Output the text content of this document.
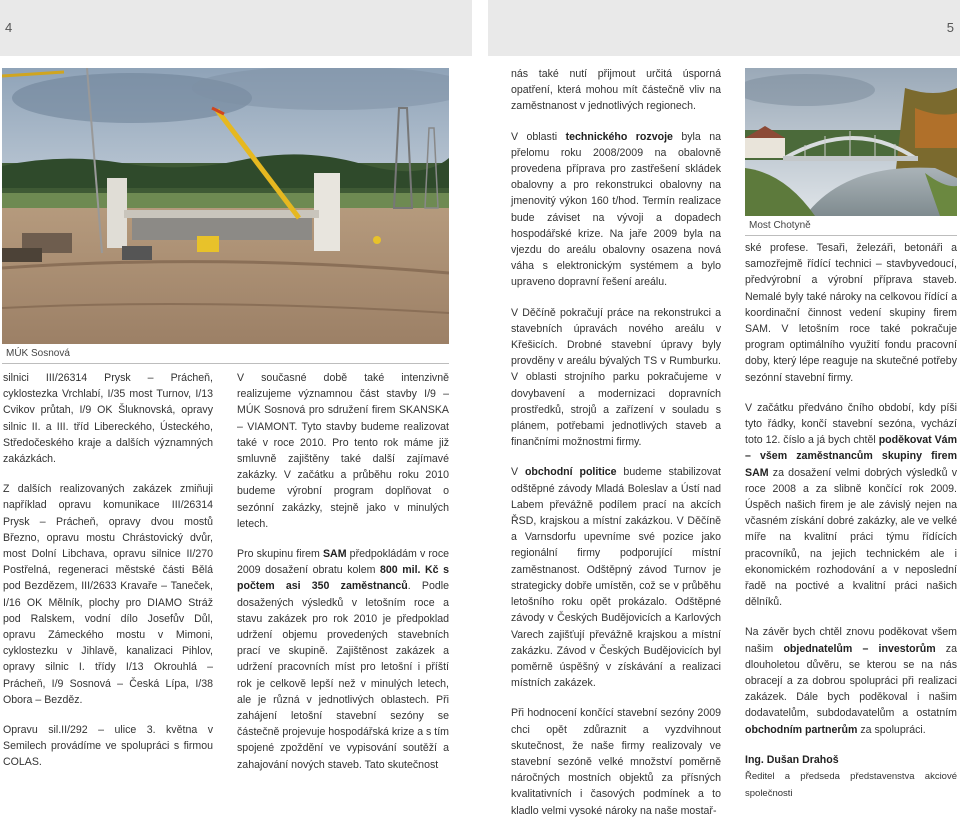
4	5
MÚK Sosnová
Most Chotyně

silnici III/26314 Prysk – Prácheň, cyklostezka Vrchlabí, I/35 most Turnov, I/13 Cvikov průtah, I/9 OK Šluknovská, opravy silnic II. a III. tříd Libereckého, Ústeckého, Středočeského kraje a dalších významných zakázkách.

Z dalších realizovaných zakázek zmiňuji například opravu komunikace III/26314 Prysk – Prácheň, opravy dvou mostů Březno, opravu mostu Chrástovický dvůr, most Dolní Libchava, opravu silnice II/270 Postřelná, regeneraci městské části Bělá pod Bezdězem, III/2633 Kravaře – Taneček, I/16 OK Mělník, plochy pro DIAMO Stráž pod Ralskem, vodní dílo Josefův Důl, opravu Zámeckého mostu v Mimoni, cyklostezku v Jihlavě, kanalizaci Pihlov, opravy silnic I. třídy I/13 Okrouhlá – Prácheň, I/9 Sosnová – Česká Lípa, I/38 Obora – Bezděz.

Opravu sil.II/292 – ulice 3. května v Semilech provádíme ve spolupráci s firmou COLAS.

V současné době také intenzivně realizujeme významnou část stavby I/9 – MÚK Sosnová pro sdružení firem SKANSKA – VIAMONT. Tyto stavby budeme realizovat také v roce 2010. Pro tento rok máme již smluvně zajištěny také další zajímavé zakázky. V začátku a průběhu roku 2010 budeme výrobní program doplňovat o sezónní zakázky, stejně jako v minulých letech.

Pro skupinu firem SAM předpokládám v roce 2009 dosažení obratu kolem 800 mil. Kč s počtem asi 350 zaměstnanců. Podle dosažených výsledků v letošním roce a stavu zakázek pro rok 2010 je předpoklad udržení objemu provedených stavebních prací ve skupině. Zajištěnost zakázek a udržení pracovních míst pro letošní i příští rok je celkově lepší než v minulých letech, ale je různá v jednotlivých oblastech. Při zahájení letošní stavební sezóny se částečně projevuje hospodářská krize a s tím spojené zpoždění ve vypisování soutěží a zahajování nových staveb. Tato skutečnost

nás také nutí přijmout určitá úsporná opatření, která mohou mít částečně vliv na zaměstnanost v jednotlivých regionech.

V oblasti technického rozvoje byla na přelomu roku 2008/2009 na obalovně provedena příprava pro zastřešení skládek obalovny a pro rekonstrukci obalovny na jmenovitý výkon 160 t/hod. Termín realizace bude záviset na vývoji a dopadech hospodářské krize. Na jaře 2009 byla na vjezdu do areálu obalovny osazena nová váha s elektronickým systémem a bylo upraveno dopravní řešení areálu.

V Děčíně pokračují práce na rekonstrukci a stavebních úpravách nového areálu v Křešicích. Drobné stavební úpravy byly provděny v areálu bývalých TS v Rumburku. V oblasti strojního parku pokračujeme v dovybavení a modernizaci dopravních prostředků, strojů a zařízení v souladu s plánem, potřebami jednotlivých staveb a finančními možnostmi firmy.

V obchodní politice budeme stabilizovat odštěpné závody Mladá Boleslav a Ústí nad Labem převážně podílem prací na akcích ŘSD, krajskou a místní zakázkou. V Děčíně a Varnsdorfu upevníme své pozice jako regionální firmy podporující místní zaměstnanost. Odštěpný závod Turnov je strategicky dobře umístěn, což se v průběhu letošního roku opět prokázalo. Odštěpné závody v Českých Budějovicích a Karlových Varech zajišťují převážně krajskou a místní zakázku. Závod v Českých Budějovicích byl poměrně úspěšný v získávání a realizaci místních zakázek.

Při hodnocení končící stavební sezóny 2009 chci opět zdůraznit a vyzdvihnout skutečnost, že naše firmy realizovaly ve stavební sezóně velké množství poměrně náročných mostních objektů za přísných kvalitativních i časových podmínek a to kladlo velmi vysoké nároky na naše mostař-

ské profese. Tesaři, železáři, betonáři a samozřejmě řídící technici – stavbyvedoucí, předvýrobní a výrobní příprava staveb. Nemalé byly také nároky na celkovou řídící a koordinační činnost vedení skupiny firem SAM. V letošním roce také pokračuje program optimálního využití fondu pracovní doby, který lépe reaguje na skutečné potřeby sezónní stavební firmy.

V začátku předváno čního období, kdy píši tyto řádky, končí stavební sezóna, vychází toto 12. číslo a já bych chtěl poděkovat Vám – všem zaměstnancům skupiny firem SAM za dosažení velmi dobrých výsledků v roce 2008 a za slibně končící rok 2009. Úspěch našich firem je ale závislý nejen na včasném získání dobré zakázky, ale ve velké míře na kvalitní práci týmu řídících pracovníků, na jejich technickém ale i ekonomickém rozhodování a v neposlední řadě na poctivé a kvalitní práci našich dělníků.

Na závěr bych chtěl znovu poděkovat všem našim objednatelům – investorům za dlouholetou důvěru, se kterou se na nás obracejí a za dobrou spolupráci při realizaci zakázek. Dále bych poděkoval i našim dodavatelům, subdodavatelům a ostatním obchodním partnerům za spolupráci.

Ing. Dušan Drahoš
Ředitel a předseda představenstva akciové společnosti
